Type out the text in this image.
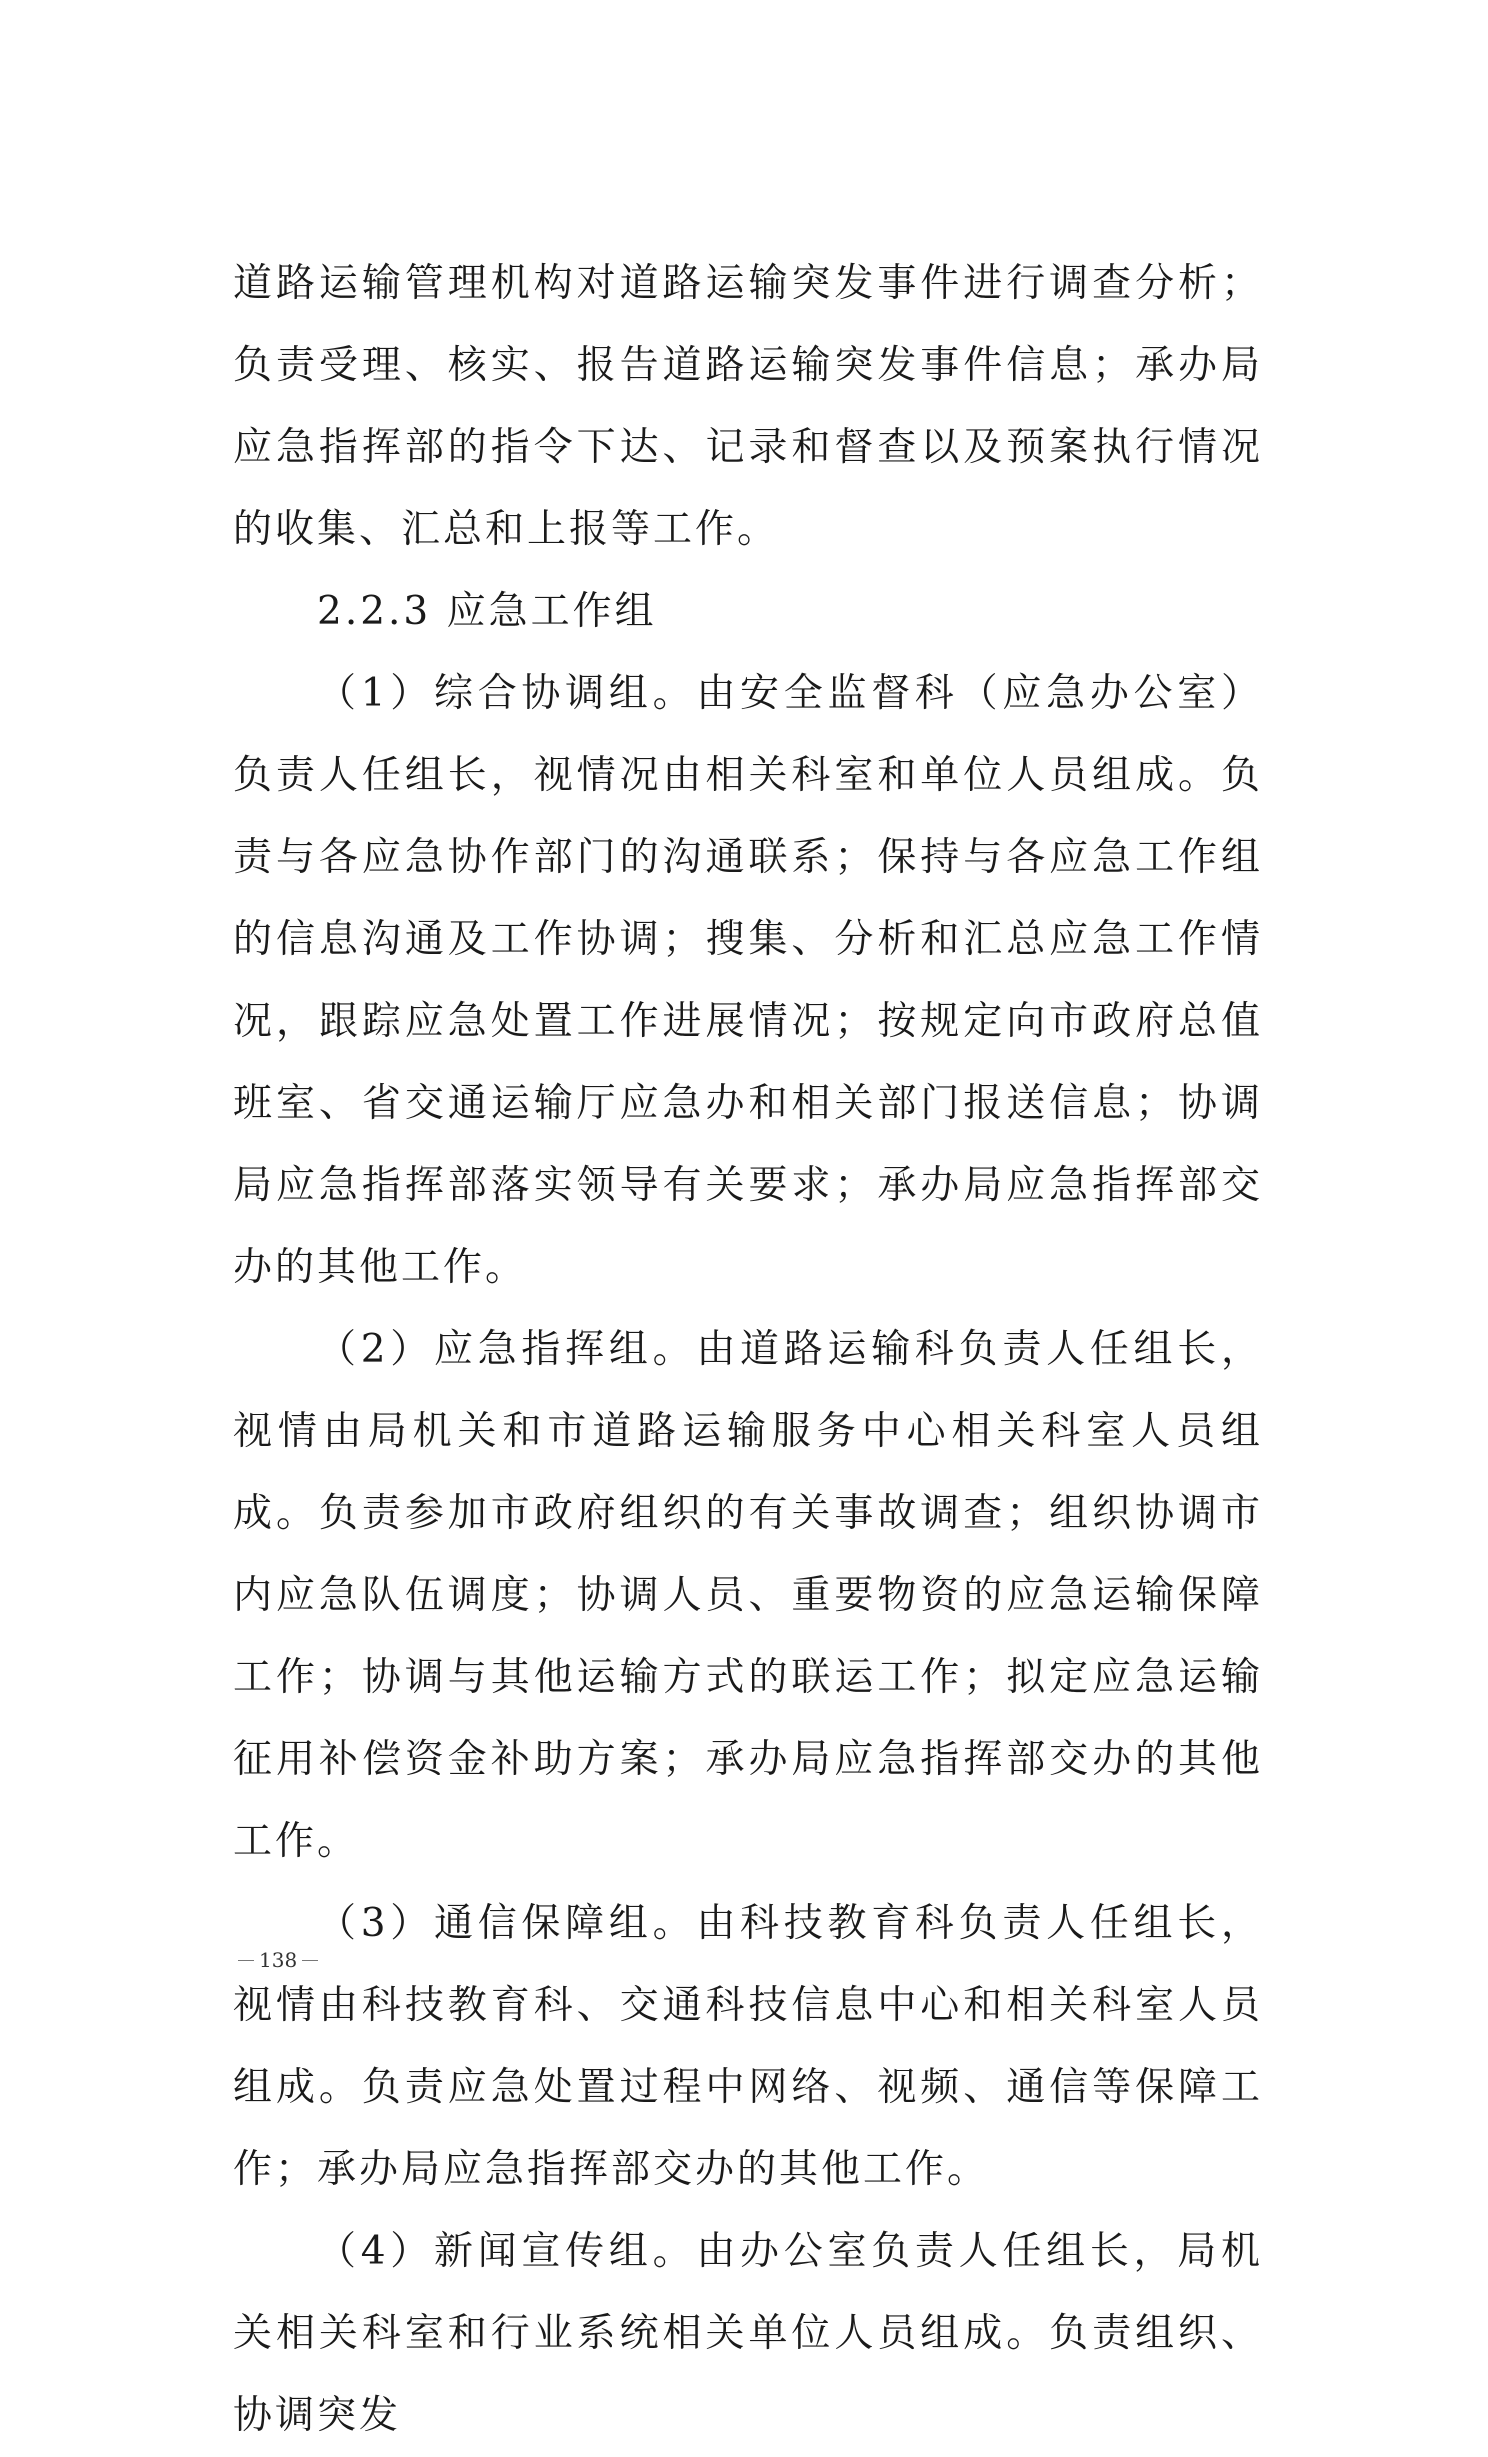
道路运输管理机构对道路运输突发事件进行调查分析；负责受理、核实、报告道路运输突发事件信息；承办局应急指挥部的指令下达、记录和督查以及预案执行情况的收集、汇总和上报等工作。

2.2.3 应急工作组

（1）综合协调组。由安全监督科（应急办公室）负责人任组长，视情况由相关科室和单位人员组成。负责与各应急协作部门的沟通联系；保持与各应急工作组的信息沟通及工作协调；搜集、分析和汇总应急工作情况，跟踪应急处置工作进展情况；按规定向市政府总值班室、省交通运输厅应急办和相关部门报送信息；协调局应急指挥部落实领导有关要求；承办局应急指挥部交办的其他工作。

（2）应急指挥组。由道路运输科负责人任组长，视情由局机关和市道路运输服务中心相关科室人员组成。负责参加市政府组织的有关事故调查；组织协调市内应急队伍调度；协调人员、重要物资的应急运输保障工作；协调与其他运输方式的联运工作；拟定应急运输征用补偿资金补助方案；承办局应急指挥部交办的其他工作。

（3）通信保障组。由科技教育科负责人任组长，视情由科技教育科、交通科技信息中心和相关科室人员组成。负责应急处置过程中网络、视频、通信等保障工作；承办局应急指挥部交办的其他工作。

（4）新闻宣传组。由办公室负责人任组长，局机关相关科室和行业系统相关单位人员组成。负责组织、协调突发

138
